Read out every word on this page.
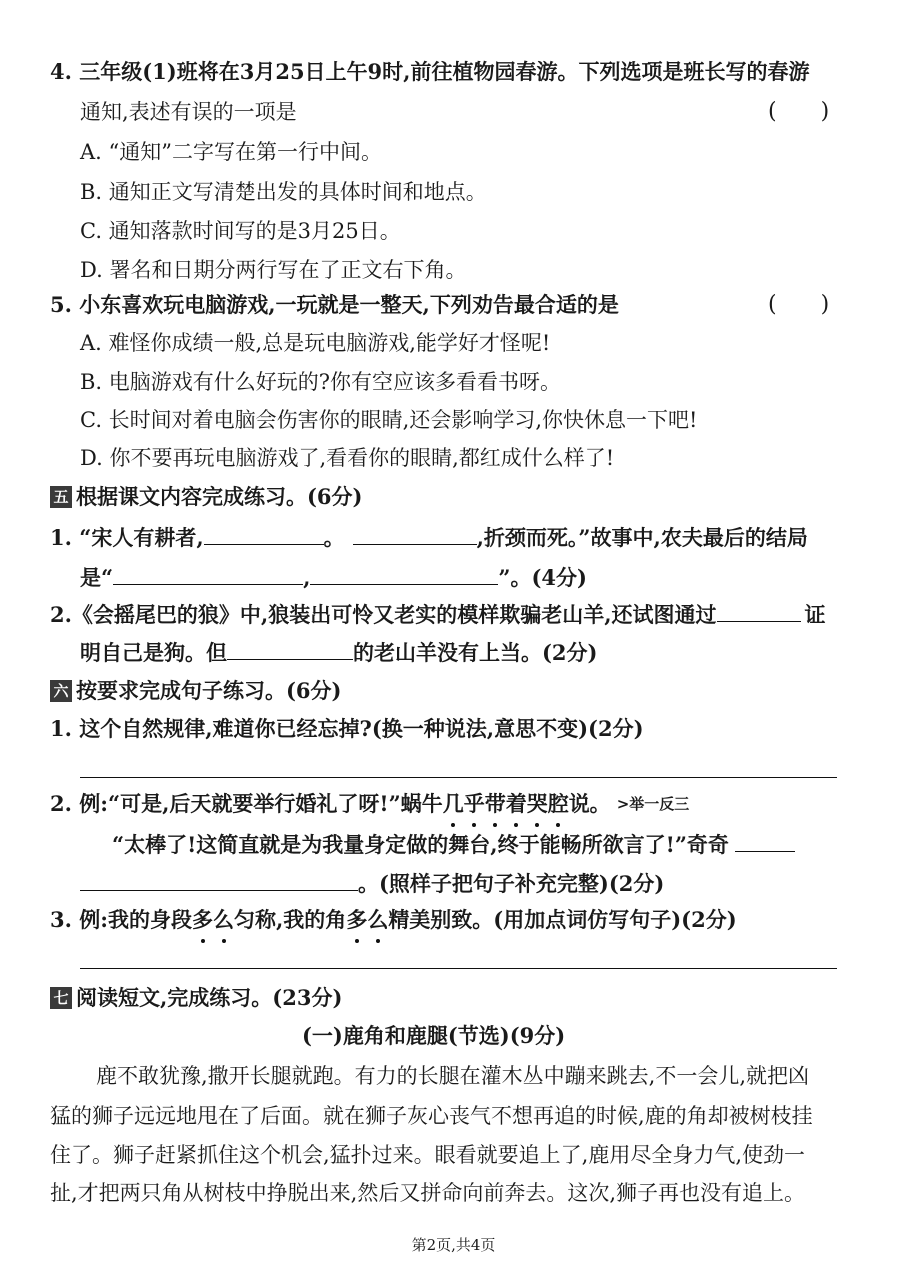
4. 三年级(1)班将在3月25日上午9时,前往植物园春游。下列选项是班长写的春游
通知,表述有误的一项是	(　　)
A. “通知”二字写在第一行中间。
B. 通知正文写清楚出发的具体时间和地点。
C. 通知落款时间写的是3月25日。
D. 署名和日期分两行写在了正文右下角。
5. 小东喜欢玩电脑游戏,一玩就是一整天,下列劝告最合适的是	(　　)
A. 难怪你成绩一般,总是玩电脑游戏,能学好才怪呢!
B. 电脑游戏有什么好玩的?你有空应该多看看书呀。
C. 长时间对着电脑会伤害你的眼睛,还会影响学习,你快休息一下吧!
D. 你不要再玩电脑游戏了,看看你的眼睛,都红成什么样了!
五 根据课文内容完成练习。(6分)
1. “宋人有耕者,	。	,折颈而死。”故事中,农夫最后的结局
是“	,	”。(4分)
2.《会摇尾巴的狼》中,狼装出可怜又老实的模样欺骗老山羊,还试图通过	证
明自己是狗。但	的老山羊没有上当。(2分)
六 按要求完成句子练习。(6分)
1. 这个自然规律,难道你已经忘掉?(换一种说法,意思不变)(2分)
2. 例:“可是,后天就要举行婚礼了呀!”蜗牛几乎带着哭腔说。 >举一反三
“太棒了!这简直就是为我量身定做的舞台,终于能畅所欲言了!”奇奇
。(照样子把句子补充完整)(2分)
3. 例:我的身段多么匀称,我的角多么精美别致。(用加点词仿写句子)(2分)
七 阅读短文,完成练习。(23分)
(一)鹿角和鹿腿(节选)(9分)
鹿不敢犹豫,撒开长腿就跑。有力的长腿在灌木丛中蹦来跳去,不一会儿,就把凶
猛的狮子远远地甩在了后面。就在狮子灰心丧气不想再追的时候,鹿的角却被树枝挂
住了。狮子赶紧抓住这个机会,猛扑过来。眼看就要追上了,鹿用尽全身力气,使劲一
扯,才把两只角从树枝中挣脱出来,然后又拼命向前奔去。这次,狮子再也没有追上。
第2页,共4页
